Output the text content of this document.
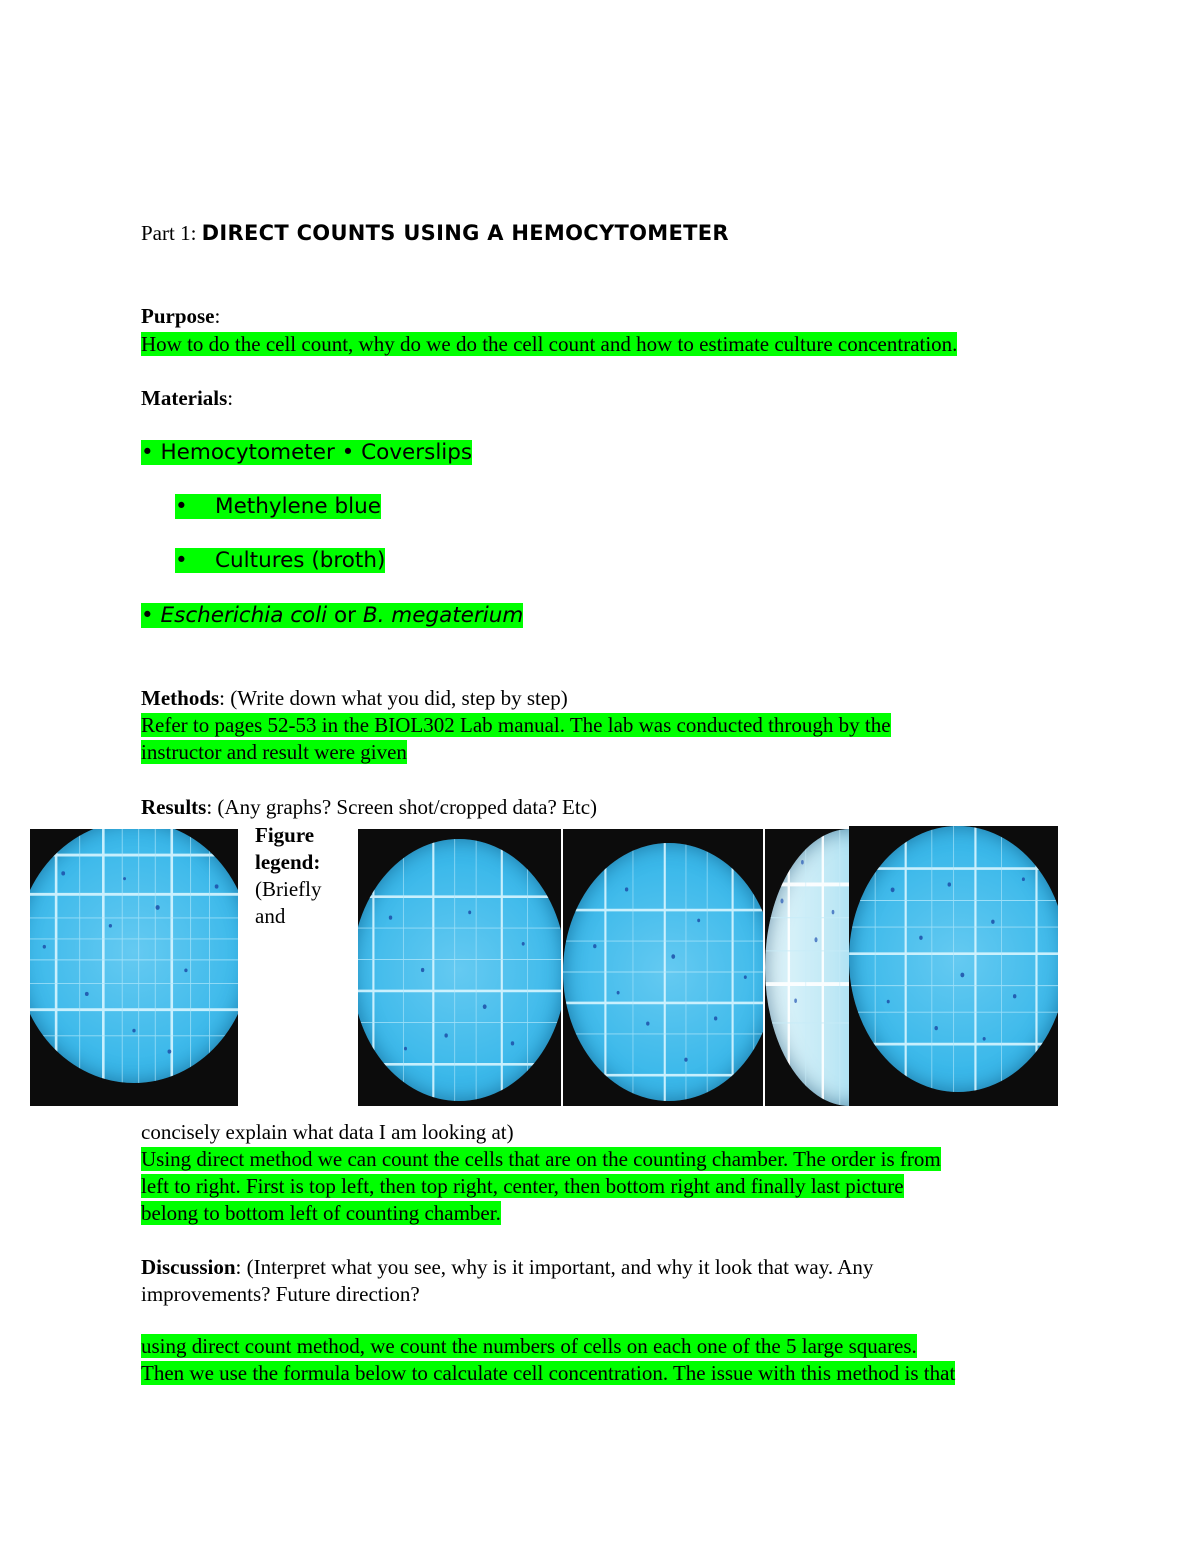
Part 1: DIRECT COUNTS USING A HEMOCYTOMETER
Purpose:
How to do the cell count, why do we do the cell count and how to estimate culture concentration.
Materials:
• Hemocytometer • Coverslips
• Methylene blue
• Cultures (broth)
• Escherichia coli or B. megaterium
Methods: (Write down what you did, step by step)
Refer to pages 52-53 in the BIOL302 Lab manual. The lab was conducted through by the
instructor and result were given
Results: (Any graphs? Screen shot/cropped data? Etc)
Figure
legend:
(Briefly
and
concisely explain what data I am looking at)
Using direct method we can count the cells that are on the counting chamber. The order is from
left to right. First is top left, then top right, center, then bottom right and finally last picture
belong to bottom left of counting chamber.
Discussion: (Interpret what you see, why is it important, and why it look that way. Any
improvements? Future direction?
using direct count method, we count the numbers of cells on each one of the 5 large squares.
Then we use the formula below to calculate cell concentration. The issue with this method is that
